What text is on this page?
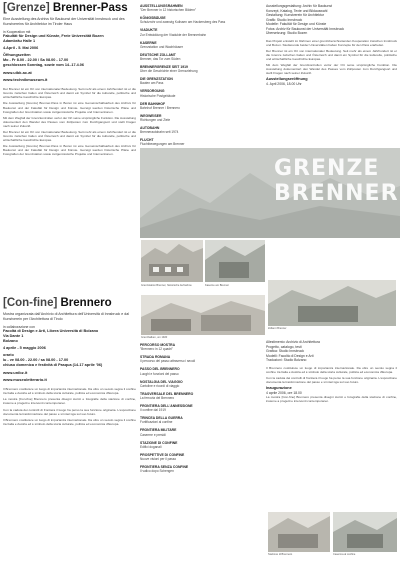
[Grenze] Brenner-Pass
Eine Ausstellung des Archivs für Baukunst der Universität Innsbruck und des Kunstvereins für Architektur im Tiroler Haus
in Kooperation mit
Fakultät für Design und Künste, Freie Universität Bozen
Adambräu Halle 1
4.April - 5. Mai 2006
Öffnungszeiten
Mo - Fr 8.00 - 22.00 / Sa 08.00 - 17.00
geschlossen Sonntag, sowie vom 14.-17.4.06
www.uibk.ac.at
www.technikmuseum.it

Der Brenner ist ein Ort von internationaler Bedeutung. Seit mehr als einem Jahrhundert ist er die Grenze zwischen Italien und Österreich und damit ein Symbol für die kulturelle, politische und wirtschaftliche Geschichte Europas.

Die Ausstellung [Grenze] Brenner-Pass in Bozen ist eine Gemeinschaftsarbeit des Archivs für Baukunst und der Fakultät für Design und Künste. Gezeigt werden historische Pläne und Fotografien der Grenzstation sowie zeitgenössische Projekte und Interventionen.

Mit dem Wegfall der Grenzkontrollen verlor der Ort seine ursprüngliche Funktion. Die Ausstellung dokumentiert den Wandel des Passes vom Zollposten zum Durchgangsort und stellt Fragen nach seiner Zukunft.

Der Brenner ist ein Ort von internationaler Bedeutung. Seit mehr als einem Jahrhundert ist er die Grenze zwischen Italien und Österreich und damit ein Symbol für die kulturelle, politische und wirtschaftliche Geschichte Europas.

Die Ausstellung [Grenze] Brenner-Pass in Bozen ist eine Gemeinschaftsarbeit des Archivs für Baukunst und der Fakultät für Design und Künste. Gezeigt werden historische Pläne und Fotografien der Grenzstation sowie zeitgenössische Projekte und Interventionen.

[Con-fine] Brennero
Mostra organizzata dall'Archivio di Architettura dell'Università di Innsbruck e dal Kunstverein per l'Architettura di Tirolo
in collaborazione con
Facoltà di Design e Arti, Libera Università di Bolzano
Via Dante 1
Bolzano
4 aprile - 5 maggio 2006
orario
lu - ve 08.00 - 22.00 / sa 08.00 - 17.00
chiuso domenica e festività di Pasqua (14-17 aprile '06)
www.unibz.it
www.museoletterario.it

Il Brennero costituisce un luogo di importanza internazionale. Da oltre un secolo segna il confine tra Italia e Austria ed è simbolo della storia culturale, politica ed economica d'Europa.

La mostra [Con-fine] Brennero presenta disegni storici e fotografie della stazione di confine, insieme a progetti e interventi contemporanei.

Con la caduta dei controlli di frontiera il luogo ha perso la sua funzione originaria. L'esposizione documenta la trasformazione del passo e si interroga sul suo futuro.

Il Brennero costituisce un luogo di importanza internazionale. Da oltre un secolo segna il confine tra Italia e Austria ed è simbolo della storia culturale, politica ed economica d'Europa.

AUSSTELLUNGSRAHMEN
"Der Brenner in 12 historischen Bildern"
KÖNIGSBÄUGE
Schutzrohr und zwanzig Kulissen am Hackersberg des Pass
VIADUKTE
Zur Entwicklung der Viadukte der Brennerbahn
KASERNE
Grenzstation und Wachhäuser
DEUTSCHE ZOLLAMT
Brenner, das Tor zum Süden
BRENNERGRENZE SEIT 1919
Über die Geschichte einer Grenzziehung
DIE GRENZSTATION
Bauten am Pass
VERSORGUNG
Historische Postgebäude
DER BAHNHOF
Bahnhof Brenner / Brennero
WEGWEISER
Richtungen und Ziele
AUTOBAHN
Brennerautobahn seit 1974
FLUCHT
Fluchtbewegungen am Brenner
PERCORSO MOSTRA
"Brennero in 12 quadri"
STRADA ROMANA
Il percorso del passo attraverso i secoli
PASSO DEL BRENNERO
Luoghi e funzioni del passo
NOSTALGIA DEL VIAGGIO
Cartoline e ricordi di viaggio
TRASVERSALE DEL BRENNERO
La ferrovia del Brennero
FRONTIERA DELL'ANNESSIONE
Il confine dal 1919
TRINCEA DELLA GUERRA
Fortificazioni al confine
FRONTIERA MILITARE
Caserme e presidi
STAZIONE DI CONFINE
Edifici doganali
PROSPETTIVE DI CONFINE
Nuove visioni per il passo
FRONTIERA SENZA CONFINE
Il valico dopo Schengen
GRENZE BRENNER
Grenzstation Brenner, historische Aufnahme	Kaserne am Brenner
Grenzbalken, um 1920
Zollamt Brenner
Stazione di Brennero	Caserma al confine
Ausstellungsgestaltung: Archiv für Baukunst
Konzept, Katalog, Texte und Bildauswahl
Gestaltung: Kunstverein für Architektur
Grafik: Studio Innsbruck
Modelle: Fakultät für Design und Künste
Fotos: Archiv für Baukunst der Universität Innsbruck
Übersetzung: Studio Bozen

Das Projekt entsteht im Rahmen einer grenzüberschreitenden Kooperation zwischen Innsbruck und Bozen. Studierende beider Universitäten haben Konzepte für den Pass erarbeitet.

Der Brenner ist ein Ort von internationaler Bedeutung. Seit mehr als einem Jahrhundert ist er die Grenze zwischen Italien und Österreich und damit ein Symbol für die kulturelle, politische und wirtschaftliche Geschichte Europas.

Mit dem Wegfall der Grenzkontrollen verlor der Ort seine ursprüngliche Funktion. Die Ausstellung dokumentiert den Wandel des Passes vom Zollposten zum Durchgangsort und stellt Fragen nach seiner Zukunft.

Ausstellungseröffnung
4. April 2006, 18.00 Uhr
Allestimento: Archivio di Architettura
Progetto, catalogo, testi
Grafica: Studio Innsbruck
Modelli: Facoltà di Design e Arti
Traduzioni: Studio Bolzano

Il Brennero costituisce un luogo di importanza internazionale. Da oltre un secolo segna il confine tra Italia e Austria ed è simbolo della storia culturale, politica ed economica d'Europa.

Con la caduta dei controlli di frontiera il luogo ha perso la sua funzione originaria. L'esposizione documenta la trasformazione del passo e si interroga sul suo futuro.

Inaugurazione
4 aprile 2006, ore 18.00

La mostra [Con-fine] Brennero presenta disegni storici e fotografie della stazione di confine, insieme a progetti e interventi contemporanei.
